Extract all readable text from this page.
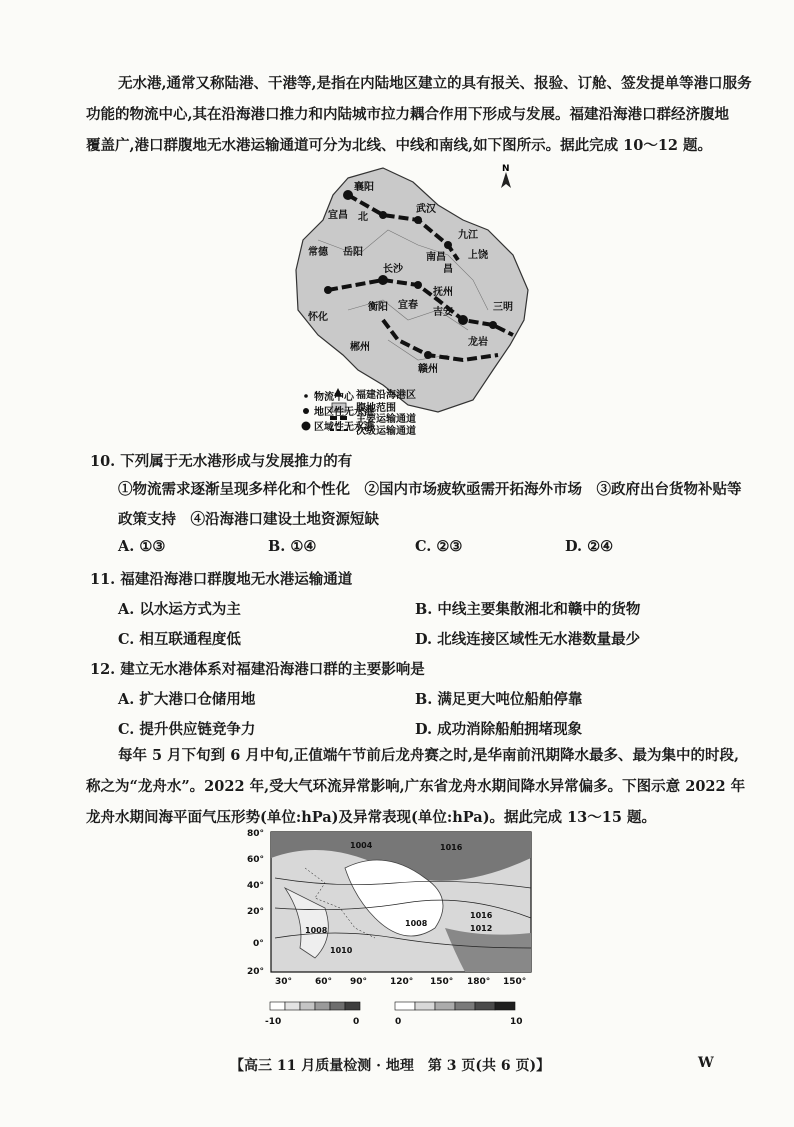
无水港,通常又称陆港、干港等,是指在内陆地区建立的具有报关、报验、订舱、签发提单等港口服务
功能的物流中心,其在沿海港口推力和内陆城市拉力耦合作用下形成与发展。福建沿海港口群经济腹地
覆盖广,港口群腹地无水港运输通道可分为北线、中线和南线,如下图所示。据此完成 10～12 题。
N
襄阳
宜昌 北
武汉
常德 岳阳
长沙
九江
上饶
南昌
昌
怀化
衡阳
抚州
吉安	三明
宜春
郴州
赣州
龙岩
物流中心
地区性无水港
区域性无水港
福建沿海港区
腹地范围
主要运输通道
次级运输通道
10. 下列属于无水港形成与发展推力的有
①物流需求逐渐呈现多样化和个性化　②国内市场疲软亟需开拓海外市场　③政府出台货物补贴等
政策支持　④沿海港口建设土地资源短缺
A. ①③	B. ①④	C. ②③	D. ②④
11. 福建沿海港口群腹地无水港运输通道
A. 以水运方式为主	B. 中线主要集散湘北和赣中的货物
C. 相互联通程度低	D. 北线连接区域性无水港数量最少
12. 建立无水港体系对福建沿海港口群的主要影响是
A. 扩大港口仓储用地	B. 满足更大吨位船舶停靠
C. 提升供应链竞争力	D. 成功消除船舶拥堵现象
每年 5 月下旬到 6 月中旬,正值端午节前后龙舟赛之时,是华南前汛期降水最多、最为集中的时段,
称之为“龙舟水”。2022 年,受大气环流异常影响,广东省龙舟水期间降水异常偏多。下图示意 2022 年
龙舟水期间海平面气压形势(单位:hPa)及异常表现(单位:hPa)。据此完成 13～15 题。
1016
1004
1008
1016
1012
1008
1010
80°
60°
40°
20°
0°
20°
30°	60° 90°	120° 150° 180° 150°
-10	0	0	10
【高三 11 月质量检测 · 地理　第 3 页(共 6 页)】	W
